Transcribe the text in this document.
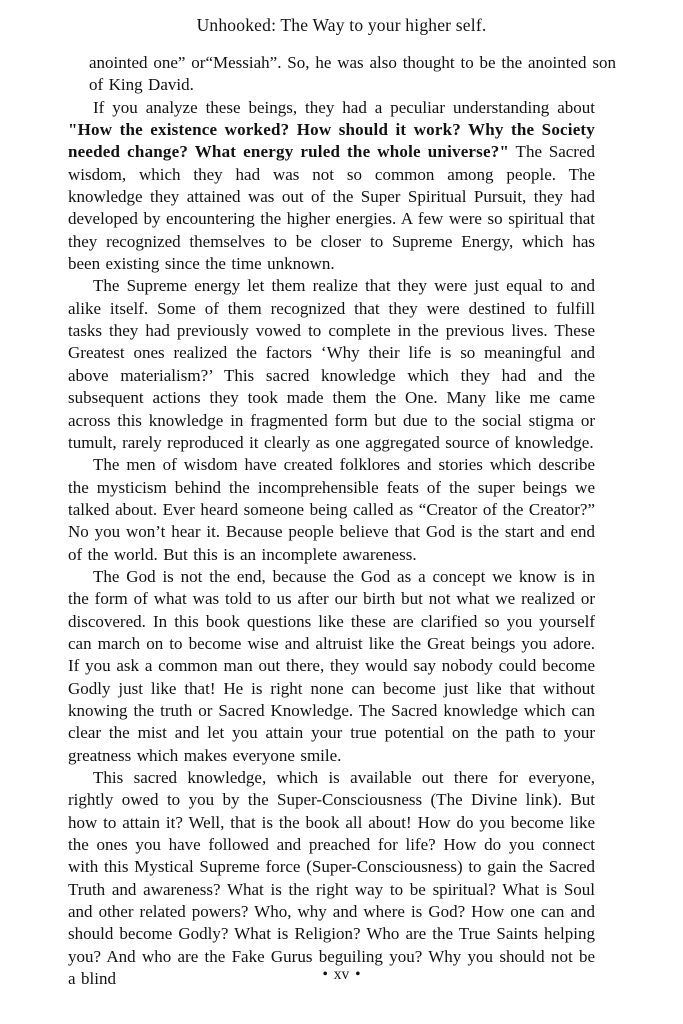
Unhooked: The Way to your higher self.

anointed one” or“Messiah”. So, he was also thought to be the anointed son of King David.

If you analyze these beings, they had a peculiar understanding about "How the existence worked? How should it work? Why the Society needed change? What energy ruled the whole universe?" The Sacred wisdom, which they had was not so common among people. The knowledge they attained was out of the Super Spiritual Pursuit, they had developed by encountering the higher energies. A few were so spiritual that they recognized themselves to be closer to Supreme Energy, which has been existing since the time unknown.

The Supreme energy let them realize that they were just equal to and alike itself. Some of them recognized that they were destined to fulfill tasks they had previously vowed to complete in the previous lives. These Greatest ones realized the factors ‘Why their life is so meaningful and above materialism?’ This sacred knowledge which they had and the subsequent actions they took made them the One. Many like me came across this knowledge in fragmented form but due to the social stigma or tumult, rarely reproduced it clearly as one aggregated source of knowledge.

The men of wisdom have created folklores and stories which describe the mysticism behind the incomprehensible feats of the super beings we talked about. Ever heard someone being called as “Creator of the Creator?” No you won’t hear it. Because people believe that God is the start and end of the world. But this is an incomplete awareness.

The God is not the end, because the God as a concept we know is in the form of what was told to us after our birth but not what we realized or discovered. In this book questions like these are clarified so you yourself can march on to become wise and altruist like the Great beings you adore. If you ask a common man out there, they would say nobody could become Godly just like that! He is right none can become just like that without knowing the truth or Sacred Knowledge. The Sacred knowledge which can clear the mist and let you attain your true potential on the path to your greatness which makes everyone smile.

This sacred knowledge, which is available out there for everyone, rightly owed to you by the Super-Consciousness (The Divine link). But how to attain it? Well, that is the book all about! How do you become like the ones you have followed and preached for life? How do you connect with this Mystical Supreme force (Super-Consciousness) to gain the Sacred Truth and awareness? What is the right way to be spiritual? What is Soul and other related powers? Who, why and where is God? How one can and should become Godly? What is Religion? Who are the True Saints helping you? And who are the Fake Gurus beguiling you? Why you should not be a blind	• xv •
